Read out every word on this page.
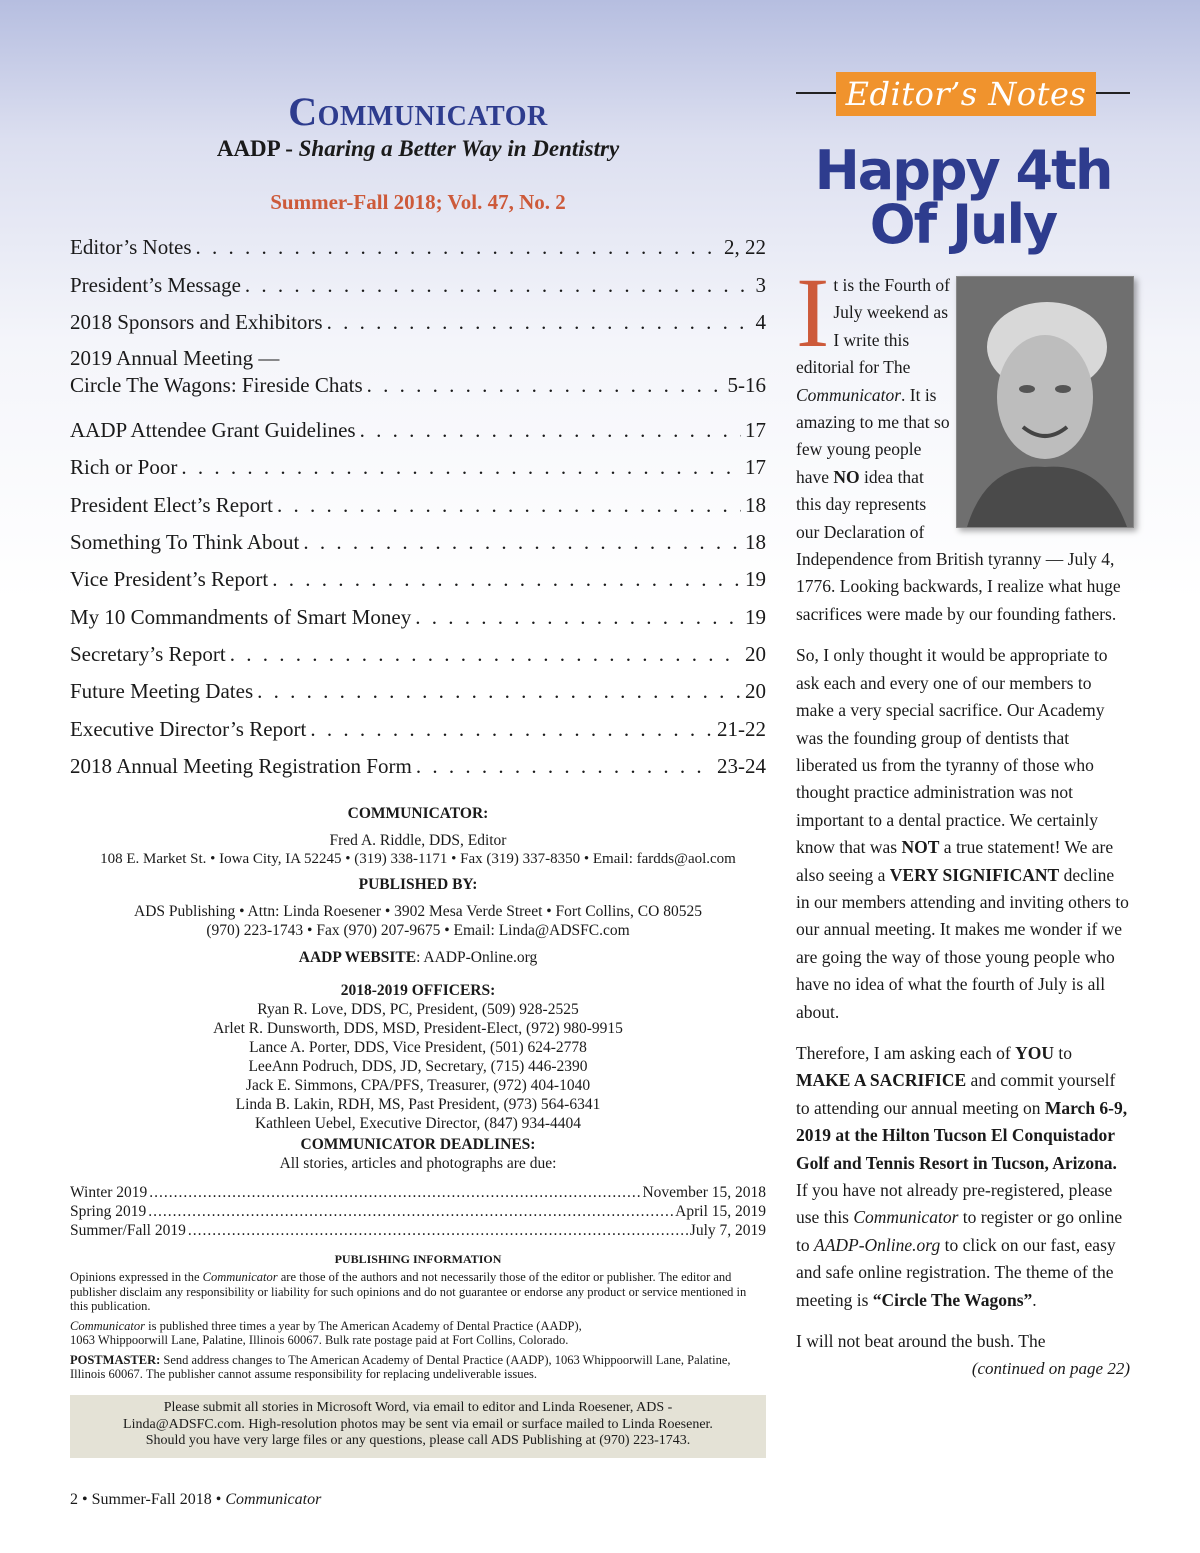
Communicator
AADP - Sharing a Better Way in Dentistry
Summer-Fall 2018; Vol. 47, No. 2
Editor’s Notes . . .	2, 22
President’s Message . . .	3
2018 Sponsors and Exhibitors . . .	4
2019 Annual Meeting —
Circle The Wagons: Fireside Chats . . .	5-16
AADP Attendee Grant Guidelines . . .	17
Rich or Poor . . .	17
President Elect’s Report . . .	18
Something To Think About . . .	18
Vice President’s Report . . .	19
My 10 Commandments of Smart Money . . .	19
Secretary’s Report . . .	20
Future Meeting Dates . . .	20
Executive Director’s Report . . .	21-22
2018 Annual Meeting Registration Form . . .	23-24
COMMUNICATOR:
Fred A. Riddle, DDS, Editor
108 E. Market St. • Iowa City, IA 52245 • (319) 338-1171 • Fax (319) 337-8350 • Email: fardds@aol.com
PUBLISHED BY:
ADS Publishing • Attn: Linda Roesener • 3902 Mesa Verde Street • Fort Collins, CO 80525
(970) 223-1743 • Fax (970) 207-9675 • Email: Linda@ADSFC.com
AADP WEBSITE: AADP-Online.org
2018-2019 OFFICERS:
Ryan R. Love, DDS, PC, President, (509) 928-2525
Arlet R. Dunsworth, DDS, MSD, President-Elect, (972) 980-9915
Lance A. Porter, DDS, Vice President, (501) 624-2778
LeeAnn Podruch, DDS, JD, Secretary, (715) 446-2390
Jack E. Simmons, CPA/PFS, Treasurer, (972) 404-1040
Linda B. Lakin, RDH, MS, Past President, (973) 564-6341
Kathleen Uebel, Executive Director, (847) 934-4404
COMMUNICATOR DEADLINES:
All stories, articles and photographs are due:
Winter 2019 .....	November 15, 2018
Spring 2019 .....	April 15, 2019
Summer/Fall 2019 .....	July 7, 2019
PUBLISHING INFORMATION

Opinions expressed in the Communicator are those of the authors and not necessarily those of the editor or publisher. The editor and publisher disclaim any responsibility or liability for such opinions and do not guarantee or endorse any product or service mentioned in this publication.

Communicator is published three times a year by The American Academy of Dental Practice (AADP),
1063 Whippoorwill Lane, Palatine, Illinois 60067. Bulk rate postage paid at Fort Collins, Colorado.

POSTMASTER: Send address changes to The American Academy of Dental Practice (AADP), 1063 Whippoorwill Lane, Palatine, Illinois 60067. The publisher cannot assume responsibility for replacing undeliverable issues.

Please submit all stories in Microsoft Word, via email to editor and Linda Roesener, ADS -
Linda@ADSFC.com. High-resolution photos may be sent via email or surface mailed to Linda Roesener.
Should you have very large files or any questions, please call ADS Publishing at (970) 223-1743.
2 • Summer-Fall 2018 • Communicator
Editor’s Notes
Happy 4th
Of July

It is the Fourth of July weekend as I write this editorial for The Communicator. It is amazing to me that so few young people have NO idea that this day represents our Declaration of Independence from British tyranny — July 4, 1776. Looking backwards, I realize what huge sacrifices were made by our founding fathers.

So, I only thought it would be appropriate to ask each and every one of our members to make a very special sacrifice. Our Academy was the founding group of dentists that liberated us from the tyranny of those who thought practice administration was not important to a dental practice. We certainly know that was NOT a true statement! We are also seeing a VERY SIGNIFICANT decline in our members attending and inviting others to our annual meeting. It makes me wonder if we are going the way of those young people who have no idea of what the fourth of July is all about.

Therefore, I am asking each of YOU to MAKE A SACRIFICE and commit yourself to attending our annual meeting on March 6-9, 2019 at the Hilton Tucson El Conquistador Golf and Tennis Resort in Tucson, Arizona. If you have not already pre-registered, please use this Communicator to register or go online to AADP-Online.org to click on our fast, easy and safe online registration. The theme of the meeting is “Circle The Wagons”.

I will not beat around the bush. The

(continued on page 22)
